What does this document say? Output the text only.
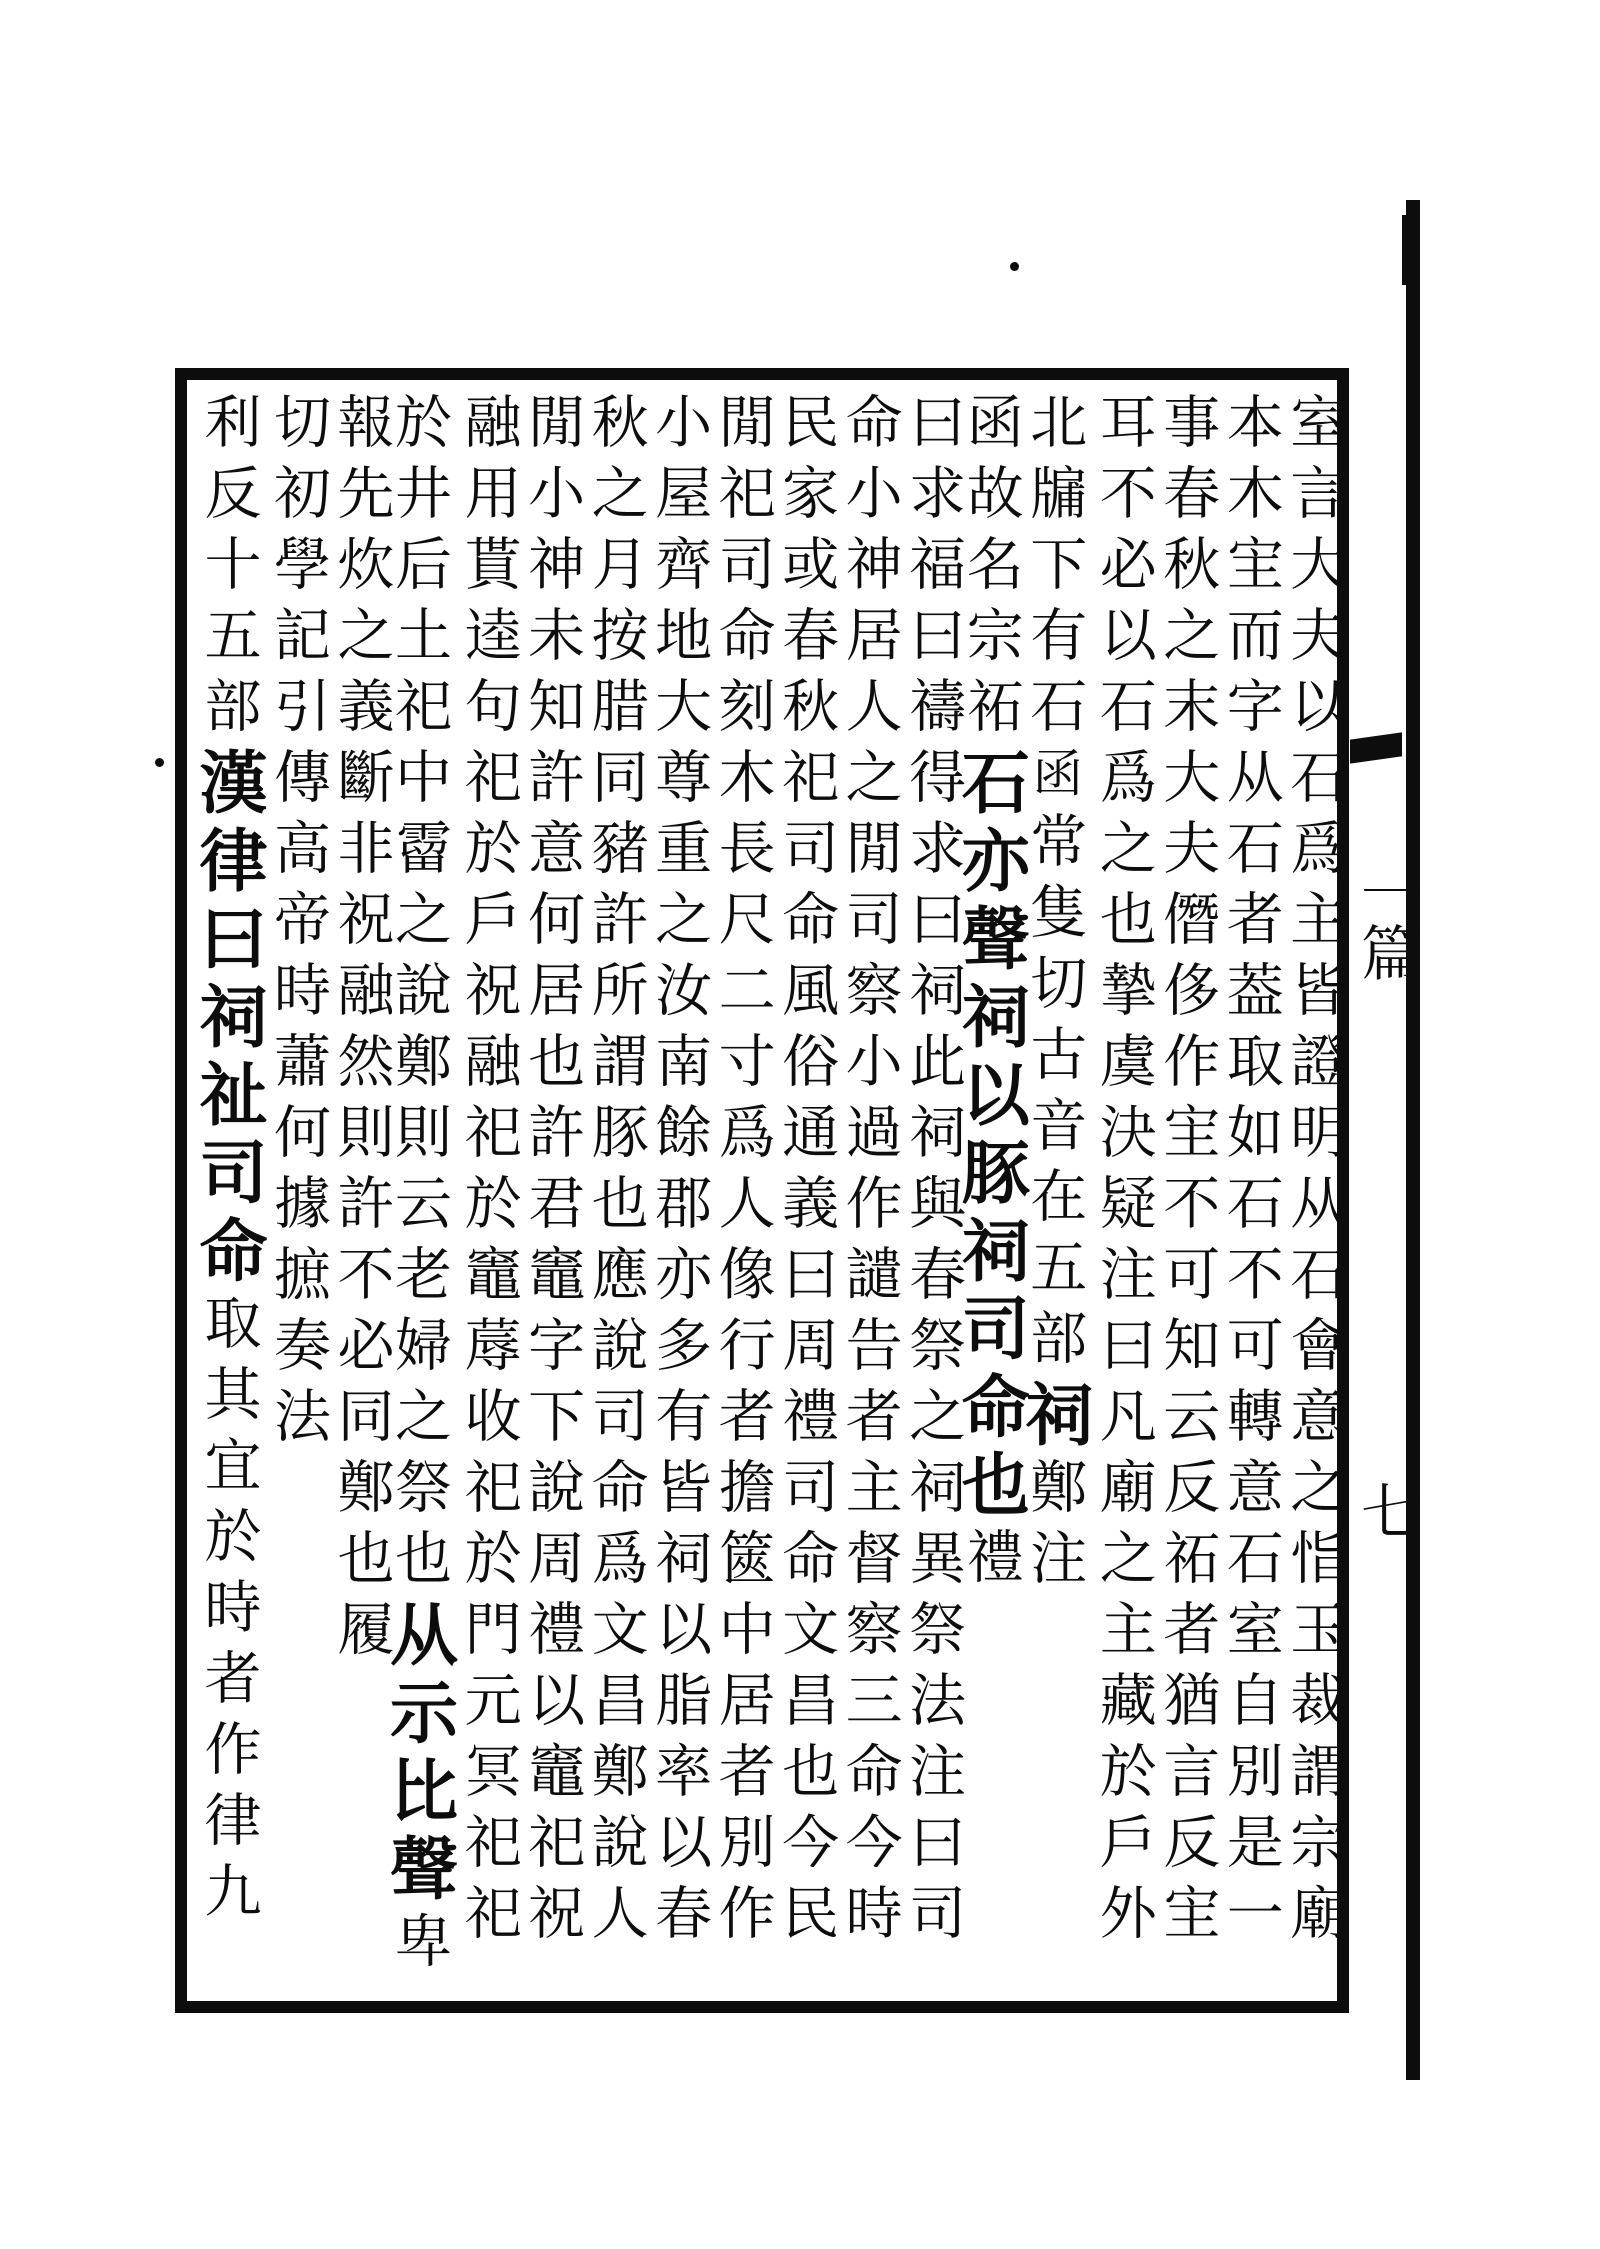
一篇
七
室言大夫以石爲主皆證明从石會意之恉玉裁謂宗廟
本木宔而字从石者葢取如石不可轉意石室自別是一
事春秋之末大夫僭侈作宔不可知云反祏者猶言反宔
耳不必以石爲之也摯虞決疑注曰凡廟之主藏於戶外
北牖下有石函常隻切古音在五部祠鄭注
函故名宗祏石亦聲祠以豚祠司命也禮
曰求福曰禱得求曰祠此祠與春祭之祠異祭法注曰司
命小神居人之閒司察小過作譴告者主督察三命今時
民家或春秋祀司命風俗通義曰周禮司命文昌也今民
閒祀司命刻木長尺二寸爲人像行者擔篋中居者別作
小屋齊地大尊重之汝南餘郡亦多有皆祠以脂率以春
秋之月按腊同豬許所謂豚也應說司命爲文昌鄭說人
閒小神未知許意何居也許君竈字下說周禮以竈祀祝
融用貰逵句祀於戶祝融祀於竈蓐收祀於門元冥祀祀
於井后土祀中霤之說鄭則云老婦之祭也从示比聲卑
報先炊之義斷非祝融然則許不必同鄭也履
切初學記引傳高帝時蕭何據摭奏法
利反十五部漢律曰祠祉司命取其宜於時者作律九
